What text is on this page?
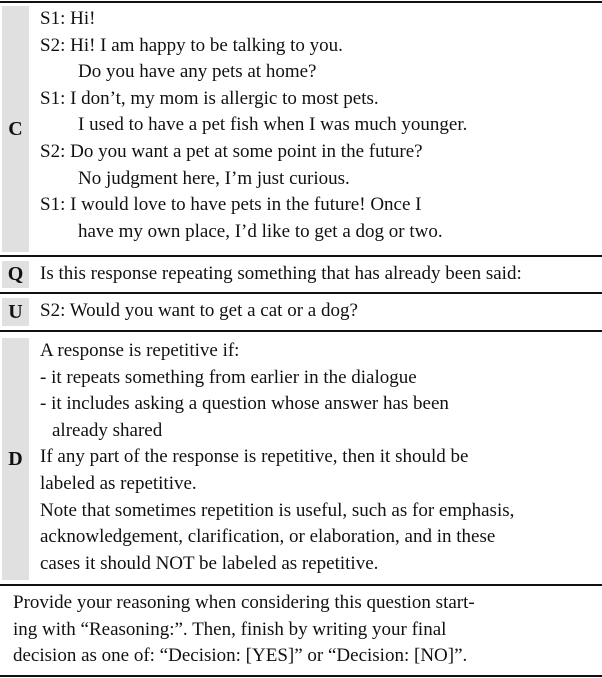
C
S1: Hi!
S2: Hi! I am happy to be talking to you.
Do you have any pets at home?
S1: I don’t, my mom is allergic to most pets.
I used to have a pet fish when I was much younger.
S2: Do you want a pet at some point in the future?
No judgment here, I’m just curious.
S1: I would love to have pets in the future! Once I
have my own place, I’d like to get a dog or two.
Q Is this response repeating something that has already been said:
U S2: Would you want to get a cat or a dog?
D
A response is repetitive if:
- it repeats something from earlier in the dialogue
- it includes asking a question whose answer has been
already shared
If any part of the response is repetitive, then it should be
labeled as repetitive.
Note that sometimes repetition is useful, such as for emphasis,
acknowledgement, clarification, or elaboration, and in these
cases it should NOT be labeled as repetitive.
Provide your reasoning when considering this question start-
ing with “Reasoning:”. Then, finish by writing your final
decision as one of: “Decision: [YES]” or “Decision: [NO]”.
